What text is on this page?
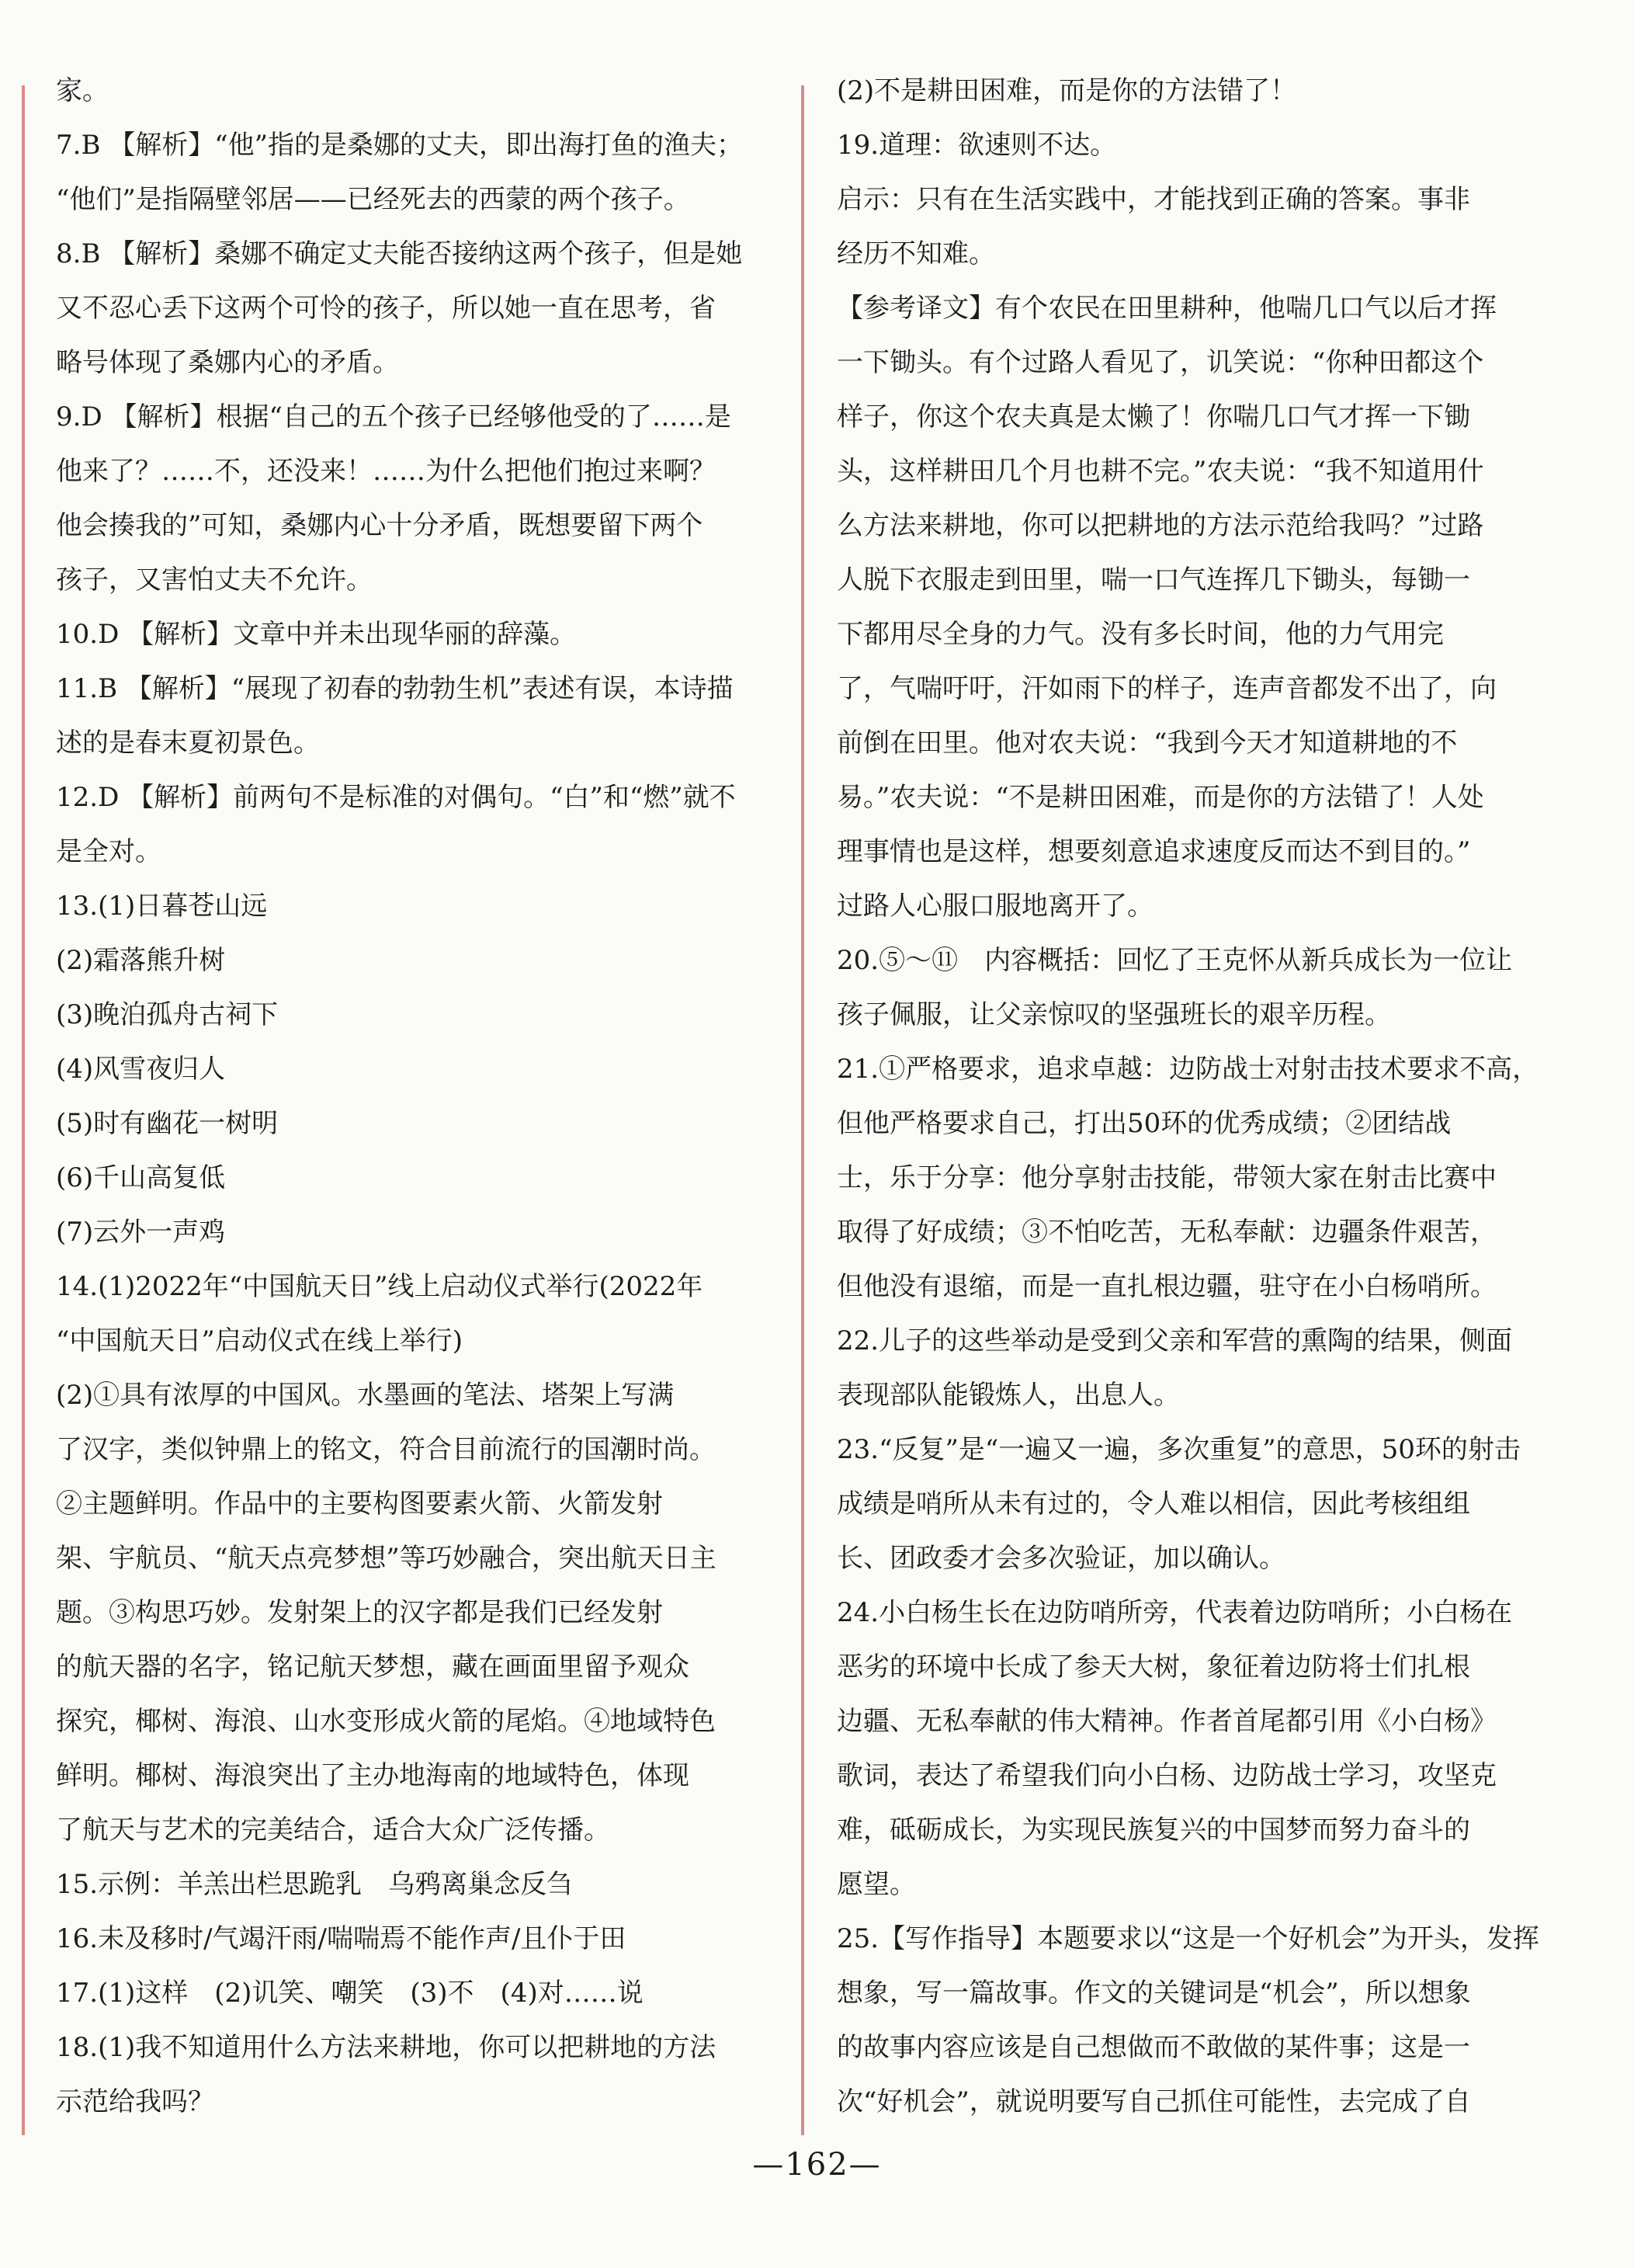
家。
7.B 【解析】“他”指的是桑娜的丈夫，即出海打鱼的渔夫；
“他们”是指隔壁邻居——已经死去的西蒙的两个孩子。
8.B 【解析】桑娜不确定丈夫能否接纳这两个孩子，但是她
又不忍心丢下这两个可怜的孩子，所以她一直在思考，省
略号体现了桑娜内心的矛盾。
9.D 【解析】根据“自己的五个孩子已经够他受的了……是
他来了？……不，还没来！……为什么把他们抱过来啊？
他会揍我的”可知，桑娜内心十分矛盾，既想要留下两个
孩子，又害怕丈夫不允许。
10.D 【解析】文章中并未出现华丽的辞藻。
11.B 【解析】“展现了初春的勃勃生机”表述有误，本诗描
述的是春末夏初景色。
12.D 【解析】前两句不是标准的对偶句。“白”和“燃”就不
是全对。
13.(1)日暮苍山远
(2)霜落熊升树
(3)晚泊孤舟古祠下
(4)风雪夜归人
(5)时有幽花一树明
(6)千山高复低
(7)云外一声鸡
14.(1)2022年“中国航天日”线上启动仪式举行(2022年
“中国航天日”启动仪式在线上举行)
(2)①具有浓厚的中国风。水墨画的笔法、塔架上写满
了汉字，类似钟鼎上的铭文，符合目前流行的国潮时尚。
②主题鲜明。作品中的主要构图要素火箭、火箭发射
架、宇航员、“航天点亮梦想”等巧妙融合，突出航天日主
题。③构思巧妙。发射架上的汉字都是我们已经发射
的航天器的名字，铭记航天梦想，藏在画面里留予观众
探究，椰树、海浪、山水变形成火箭的尾焰。④地域特色
鲜明。椰树、海浪突出了主办地海南的地域特色，体现
了航天与艺术的完美结合，适合大众广泛传播。
15.示例：羊羔出栏思跪乳　乌鸦离巢念反刍
16.未及移时/气竭汗雨/喘喘焉不能作声/且仆于田
17.(1)这样　(2)讥笑、嘲笑　(3)不　(4)对……说
18.(1)我不知道用什么方法来耕地，你可以把耕地的方法
示范给我吗？
(2)不是耕田困难，而是你的方法错了！
19.道理：欲速则不达。
启示：只有在生活实践中，才能找到正确的答案。事非
经历不知难。
【参考译文】有个农民在田里耕种，他喘几口气以后才挥
一下锄头。有个过路人看见了，讥笑说：“你种田都这个
样子，你这个农夫真是太懒了！你喘几口气才挥一下锄
头，这样耕田几个月也耕不完。”农夫说：“我不知道用什
么方法来耕地，你可以把耕地的方法示范给我吗？”过路
人脱下衣服走到田里，喘一口气连挥几下锄头，每锄一
下都用尽全身的力气。没有多长时间，他的力气用完
了，气喘吁吁，汗如雨下的样子，连声音都发不出了，向
前倒在田里。他对农夫说：“我到今天才知道耕地的不
易。”农夫说：“不是耕田困难，而是你的方法错了！人处
理事情也是这样，想要刻意追求速度反而达不到目的。”
过路人心服口服地离开了。
20.⑤～⑪　内容概括：回忆了王克怀从新兵成长为一位让
孩子佩服，让父亲惊叹的坚强班长的艰辛历程。
21.①严格要求，追求卓越：边防战士对射击技术要求不高，
但他严格要求自己，打出50环的优秀成绩；②团结战
士，乐于分享：他分享射击技能，带领大家在射击比赛中
取得了好成绩；③不怕吃苦，无私奉献：边疆条件艰苦，
但他没有退缩，而是一直扎根边疆，驻守在小白杨哨所。
22.儿子的这些举动是受到父亲和军营的熏陶的结果，侧面
表现部队能锻炼人，出息人。
23.“反复”是“一遍又一遍，多次重复”的意思，50环的射击
成绩是哨所从未有过的，令人难以相信，因此考核组组
长、团政委才会多次验证，加以确认。
24.小白杨生长在边防哨所旁，代表着边防哨所；小白杨在
恶劣的环境中长成了参天大树，象征着边防将士们扎根
边疆、无私奉献的伟大精神。作者首尾都引用《小白杨》
歌词，表达了希望我们向小白杨、边防战士学习，攻坚克
难，砥砺成长，为实现民族复兴的中国梦而努力奋斗的
愿望。
25.【写作指导】本题要求以“这是一个好机会”为开头，发挥
想象，写一篇故事。作文的关键词是“机会”，所以想象
的故事内容应该是自己想做而不敢做的某件事；这是一
次“好机会”，就说明要写自己抓住可能性，去完成了自
—162—
